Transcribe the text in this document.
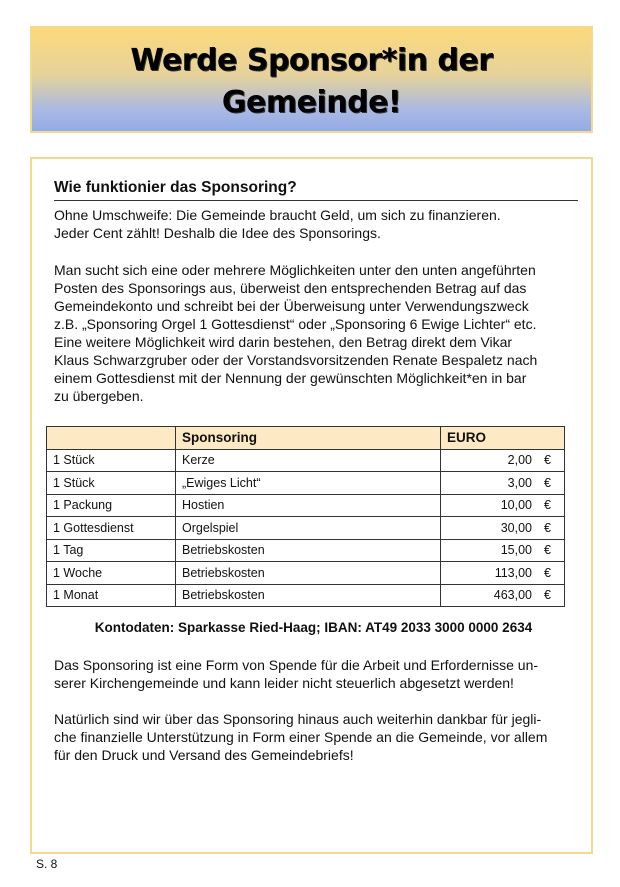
Werde Sponsor*in der
Gemeinde!
Wie funktionier das Sponsoring?
Ohne Umschweife: Die Gemeinde braucht Geld, um sich zu finanzieren.
Jeder Cent zählt! Deshalb die Idee des Sponsorings.
Man sucht sich eine oder mehrere Möglichkeiten unter den unten angeführten
Posten des Sponsorings aus, überweist den entsprechenden Betrag auf das
Gemeindekonto und schreibt bei der Überweisung unter Verwendungszweck
z.B. „Sponsoring Orgel 1 Gottesdienst“ oder „Sponsoring 6 Ewige Lichter“ etc.
Eine weitere Möglichkeit wird darin bestehen, den Betrag direkt dem Vikar
Klaus Schwarzgruber oder der Vorstandsvorsitzenden Renate Bespaletz nach
einem Gottesdienst mit der Nennung der gewünschten Möglichkeit*en in bar
zu übergeben.
	Sponsoring	EURO	
1 Stück	Kerze	2,00	€
1 Stück	„Ewiges Licht“	3,00	€
1 Packung	Hostien	10,00	€
1 Gottesdienst	Orgelspiel	30,00	€
1 Tag	Betriebskosten	15,00	€
1 Woche	Betriebskosten	113,00	€
1 Monat	Betriebskosten	463,00	€
Kontodaten: Sparkasse Ried-Haag; IBAN: AT49 2033 3000 0000 2634
Das Sponsoring ist eine Form von Spende für die Arbeit und Erfordernisse un-
serer Kirchengemeinde und kann leider nicht steuerlich abgesetzt werden!
Natürlich sind wir über das Sponsoring hinaus auch weiterhin dankbar für jegli-
che finanzielle Unterstützung in Form einer Spende an die Gemeinde, vor allem
für den Druck und Versand des Gemeindebriefs!
S. 8
